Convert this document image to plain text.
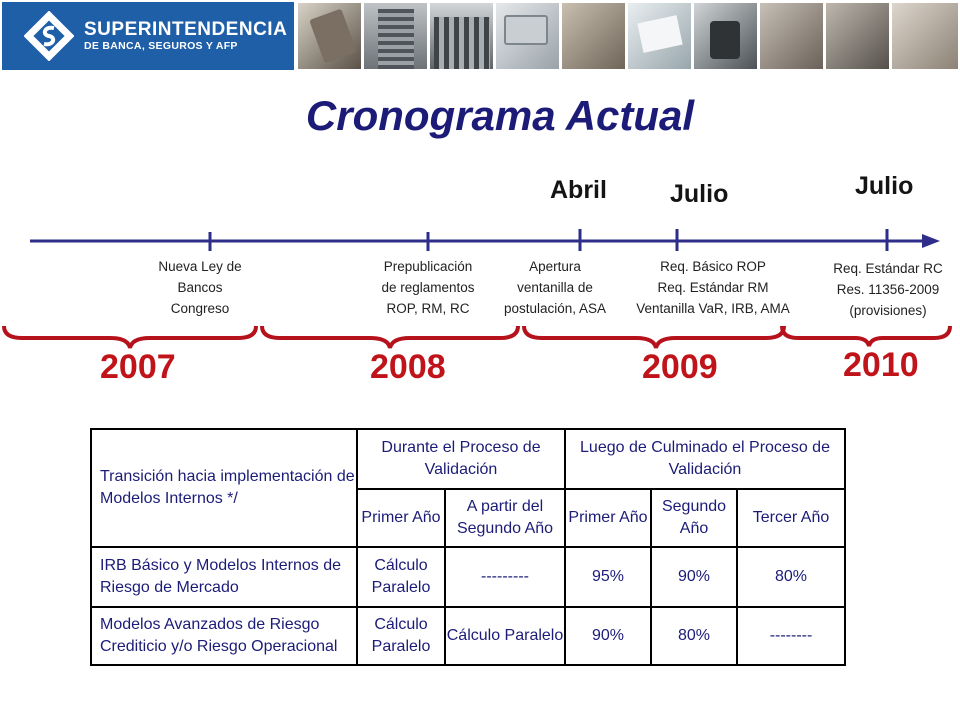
SUPERINTENDENCIA
DE BANCA, SEGUROS Y AFP
Cronograma Actual
Abril	Julio	Julio
Nueva Ley de
Bancos
Congreso
Prepublicación
de reglamentos
ROP, RM, RC
Apertura
ventanilla de
postulación, ASA
Req. Básico ROP
Req. Estándar RM
Ventanilla VaR, IRB, AMA
Req. Estándar RC
Res. 11356-2009
(provisiones)
2007	2008	2009	2010
Transición hacia implementación de Modelos Internos */	Durante el Proceso de Validación		Luego de Culminado el Proceso de Validación		
	Primer Año	A partir del Segundo Año	Primer Año	Segundo Año	Tercer Año
IRB Básico y Modelos Internos de Riesgo de Mercado	Cálculo Paralelo	---------	95%	90%	80%
Modelos Avanzados de Riesgo Crediticio y/o Riesgo Operacional	Cálculo Paralelo	Cálculo Paralelo	90%	80%	--------
